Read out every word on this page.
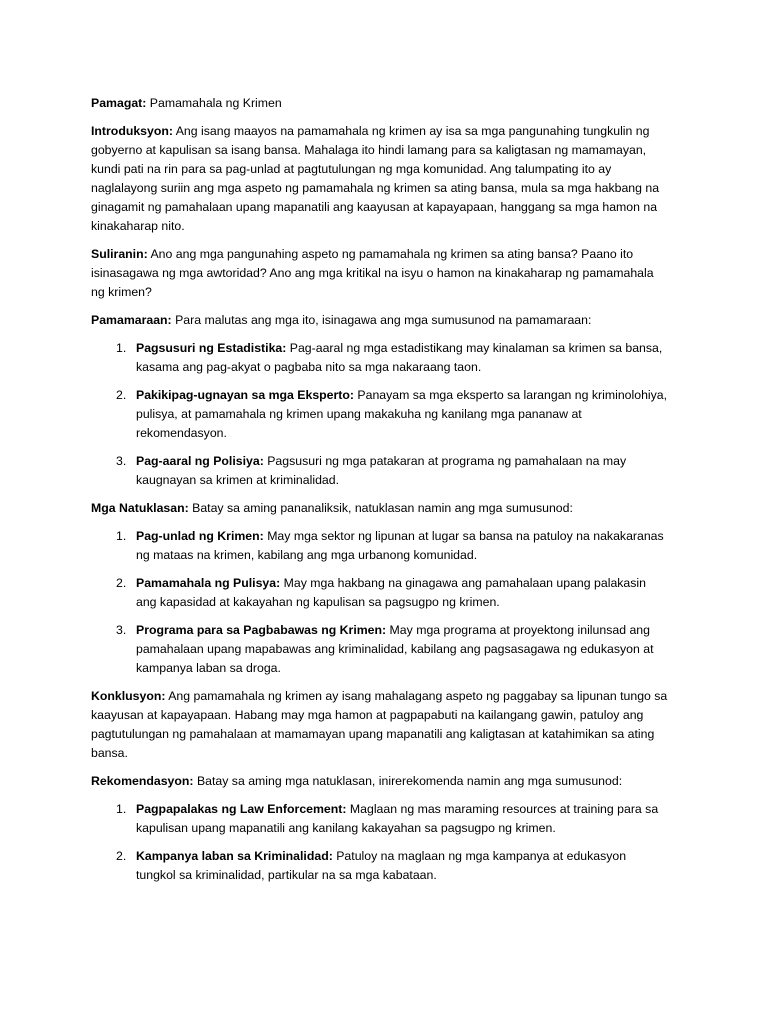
Pamagat: Pamamahala ng Krimen

Introduksyon: Ang isang maayos na pamamahala ng krimen ay isa sa mga pangunahing tungkulin ng gobyerno at kapulisan sa isang bansa. Mahalaga ito hindi lamang para sa kaligtasan ng mamamayan, kundi pati na rin para sa pag-unlad at pagtutulungan ng mga komunidad. Ang talumpating ito ay naglalayong suriin ang mga aspeto ng pamamahala ng krimen sa ating bansa, mula sa mga hakbang na ginagamit ng pamahalaan upang mapanatili ang kaayusan at kapayapaan, hanggang sa mga hamon na kinakaharap nito.

Suliranin: Ano ang mga pangunahing aspeto ng pamamahala ng krimen sa ating bansa? Paano ito isinasagawa ng mga awtoridad? Ano ang mga kritikal na isyu o hamon na kinakaharap ng pamamahala ng krimen?

Pamamaraan: Para malutas ang mga ito, isinagawa ang mga sumusunod na pamamaraan:

1. Pagsusuri ng Estadistika: Pag-aaral ng mga estadistikang may kinalaman sa krimen sa bansa, kasama ang pag-akyat o pagbaba nito sa mga nakaraang taon.
2. Pakikipag-ugnayan sa mga Eksperto: Panayam sa mga eksperto sa larangan ng kriminolohiya, pulisya, at pamamahala ng krimen upang makakuha ng kanilang mga pananaw at rekomendasyon.
3. Pag-aaral ng Polisiya: Pagsusuri ng mga patakaran at programa ng pamahalaan na may kaugnayan sa krimen at kriminalidad.

Mga Natuklasan: Batay sa aming pananaliksik, natuklasan namin ang mga sumusunod:

1. Pag-unlad ng Krimen: May mga sektor ng lipunan at lugar sa bansa na patuloy na nakakaranas ng mataas na krimen, kabilang ang mga urbanong komunidad.
2. Pamamahala ng Pulisya: May mga hakbang na ginagawa ang pamahalaan upang palakasin ang kapasidad at kakayahan ng kapulisan sa pagsugpo ng krimen.
3. Programa para sa Pagbabawas ng Krimen: May mga programa at proyektong inilunsad ang pamahalaan upang mapabawas ang kriminalidad, kabilang ang pagsasagawa ng edukasyon at kampanya laban sa droga.

Konklusyon: Ang pamamahala ng krimen ay isang mahalagang aspeto ng paggabay sa lipunan tungo sa kaayusan at kapayapaan. Habang may mga hamon at pagpapabuti na kailangang gawin, patuloy ang pagtutulungan ng pamahalaan at mamamayan upang mapanatili ang kaligtasan at katahimikan sa ating bansa.

Rekomendasyon: Batay sa aming mga natuklasan, inirerekomenda namin ang mga sumusunod:

1. Pagpapalakas ng Law Enforcement: Maglaan ng mas maraming resources at training para sa kapulisan upang mapanatili ang kanilang kakayahan sa pagsugpo ng krimen.
2. Kampanya laban sa Kriminalidad: Patuloy na maglaan ng mga kampanya at edukasyon tungkol sa kriminalidad, partikular na sa mga kabataan.
